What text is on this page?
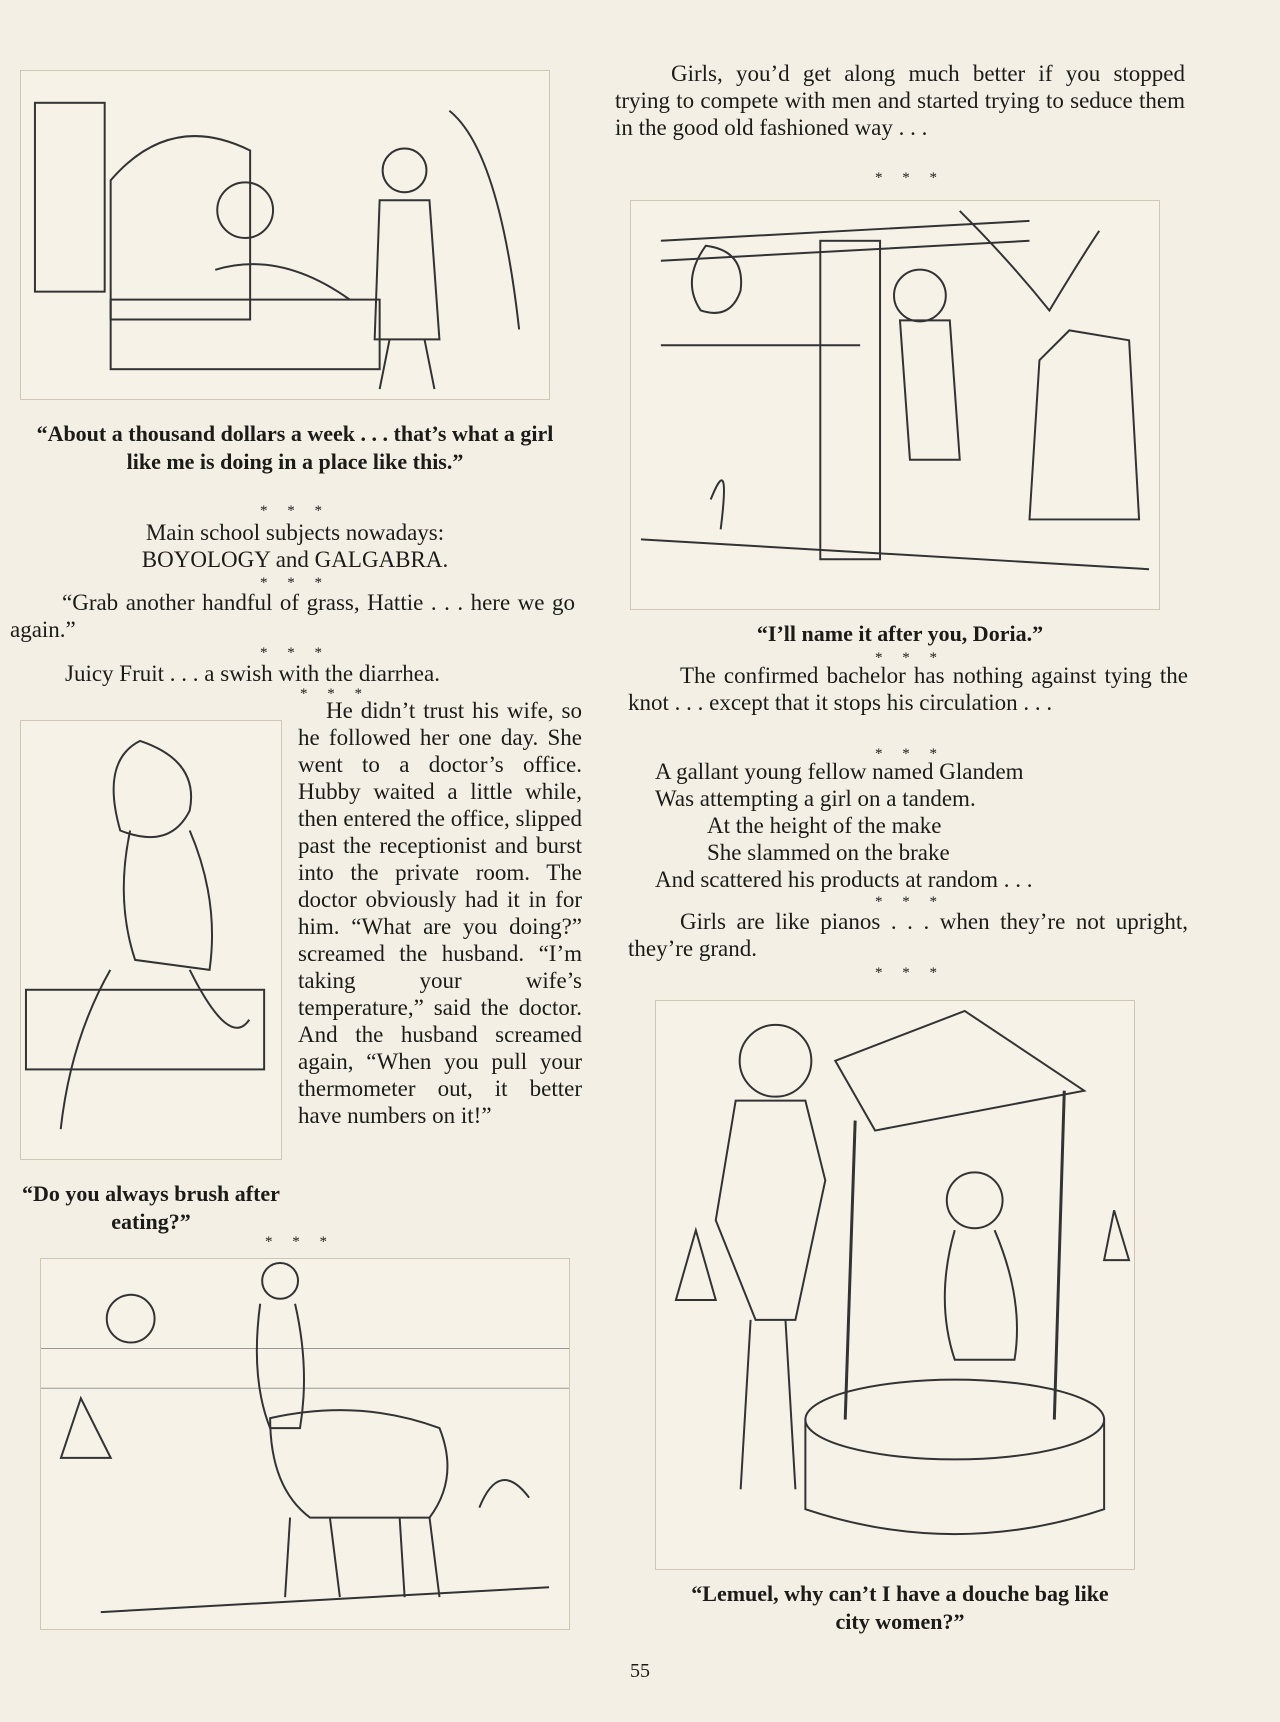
“About a thousand dollars a week . . . that’s what a girl like me is doing in a place like this.”
* * *
Main school subjects nowadays:
BOYOLOGY and GALGABRA.
* * *
“Grab another handful of grass, Hattie . . . here we go again.”
* * *
Juicy Fruit . . . a swish with the diarrhea.
* * *
He didn’t trust his wife, so he followed her one day. She went to a doctor’s office. Hubby waited a little while, then entered the office, slipped past the receptionist and burst into the private room. The doctor obviously had it in for him. “What are you doing?” screamed the husband. “I’m taking your wife’s temperature,” said the doctor. And the husband screamed again, “When you pull your thermometer out, it better have numbers on it!”
“Do you always brush after eating?”
* * *
Girls, you’d get along much better if you stopped trying to compete with men and started trying to seduce them in the good old fashioned way . . .
* * *
“I’ll name it after you, Doria.”
* * *
The confirmed bachelor has nothing against tying the knot . . . except that it stops his circulation . . .
* * *
A gallant young fellow named Glandem
Was attempting a girl on a tandem.
At the height of the make
She slammed on the brake
And scattered his products at random . . .
* * *
Girls are like pianos . . . when they’re not upright, they’re grand.
* * *
“Lemuel, why can’t I have a douche bag like city women?”
55
